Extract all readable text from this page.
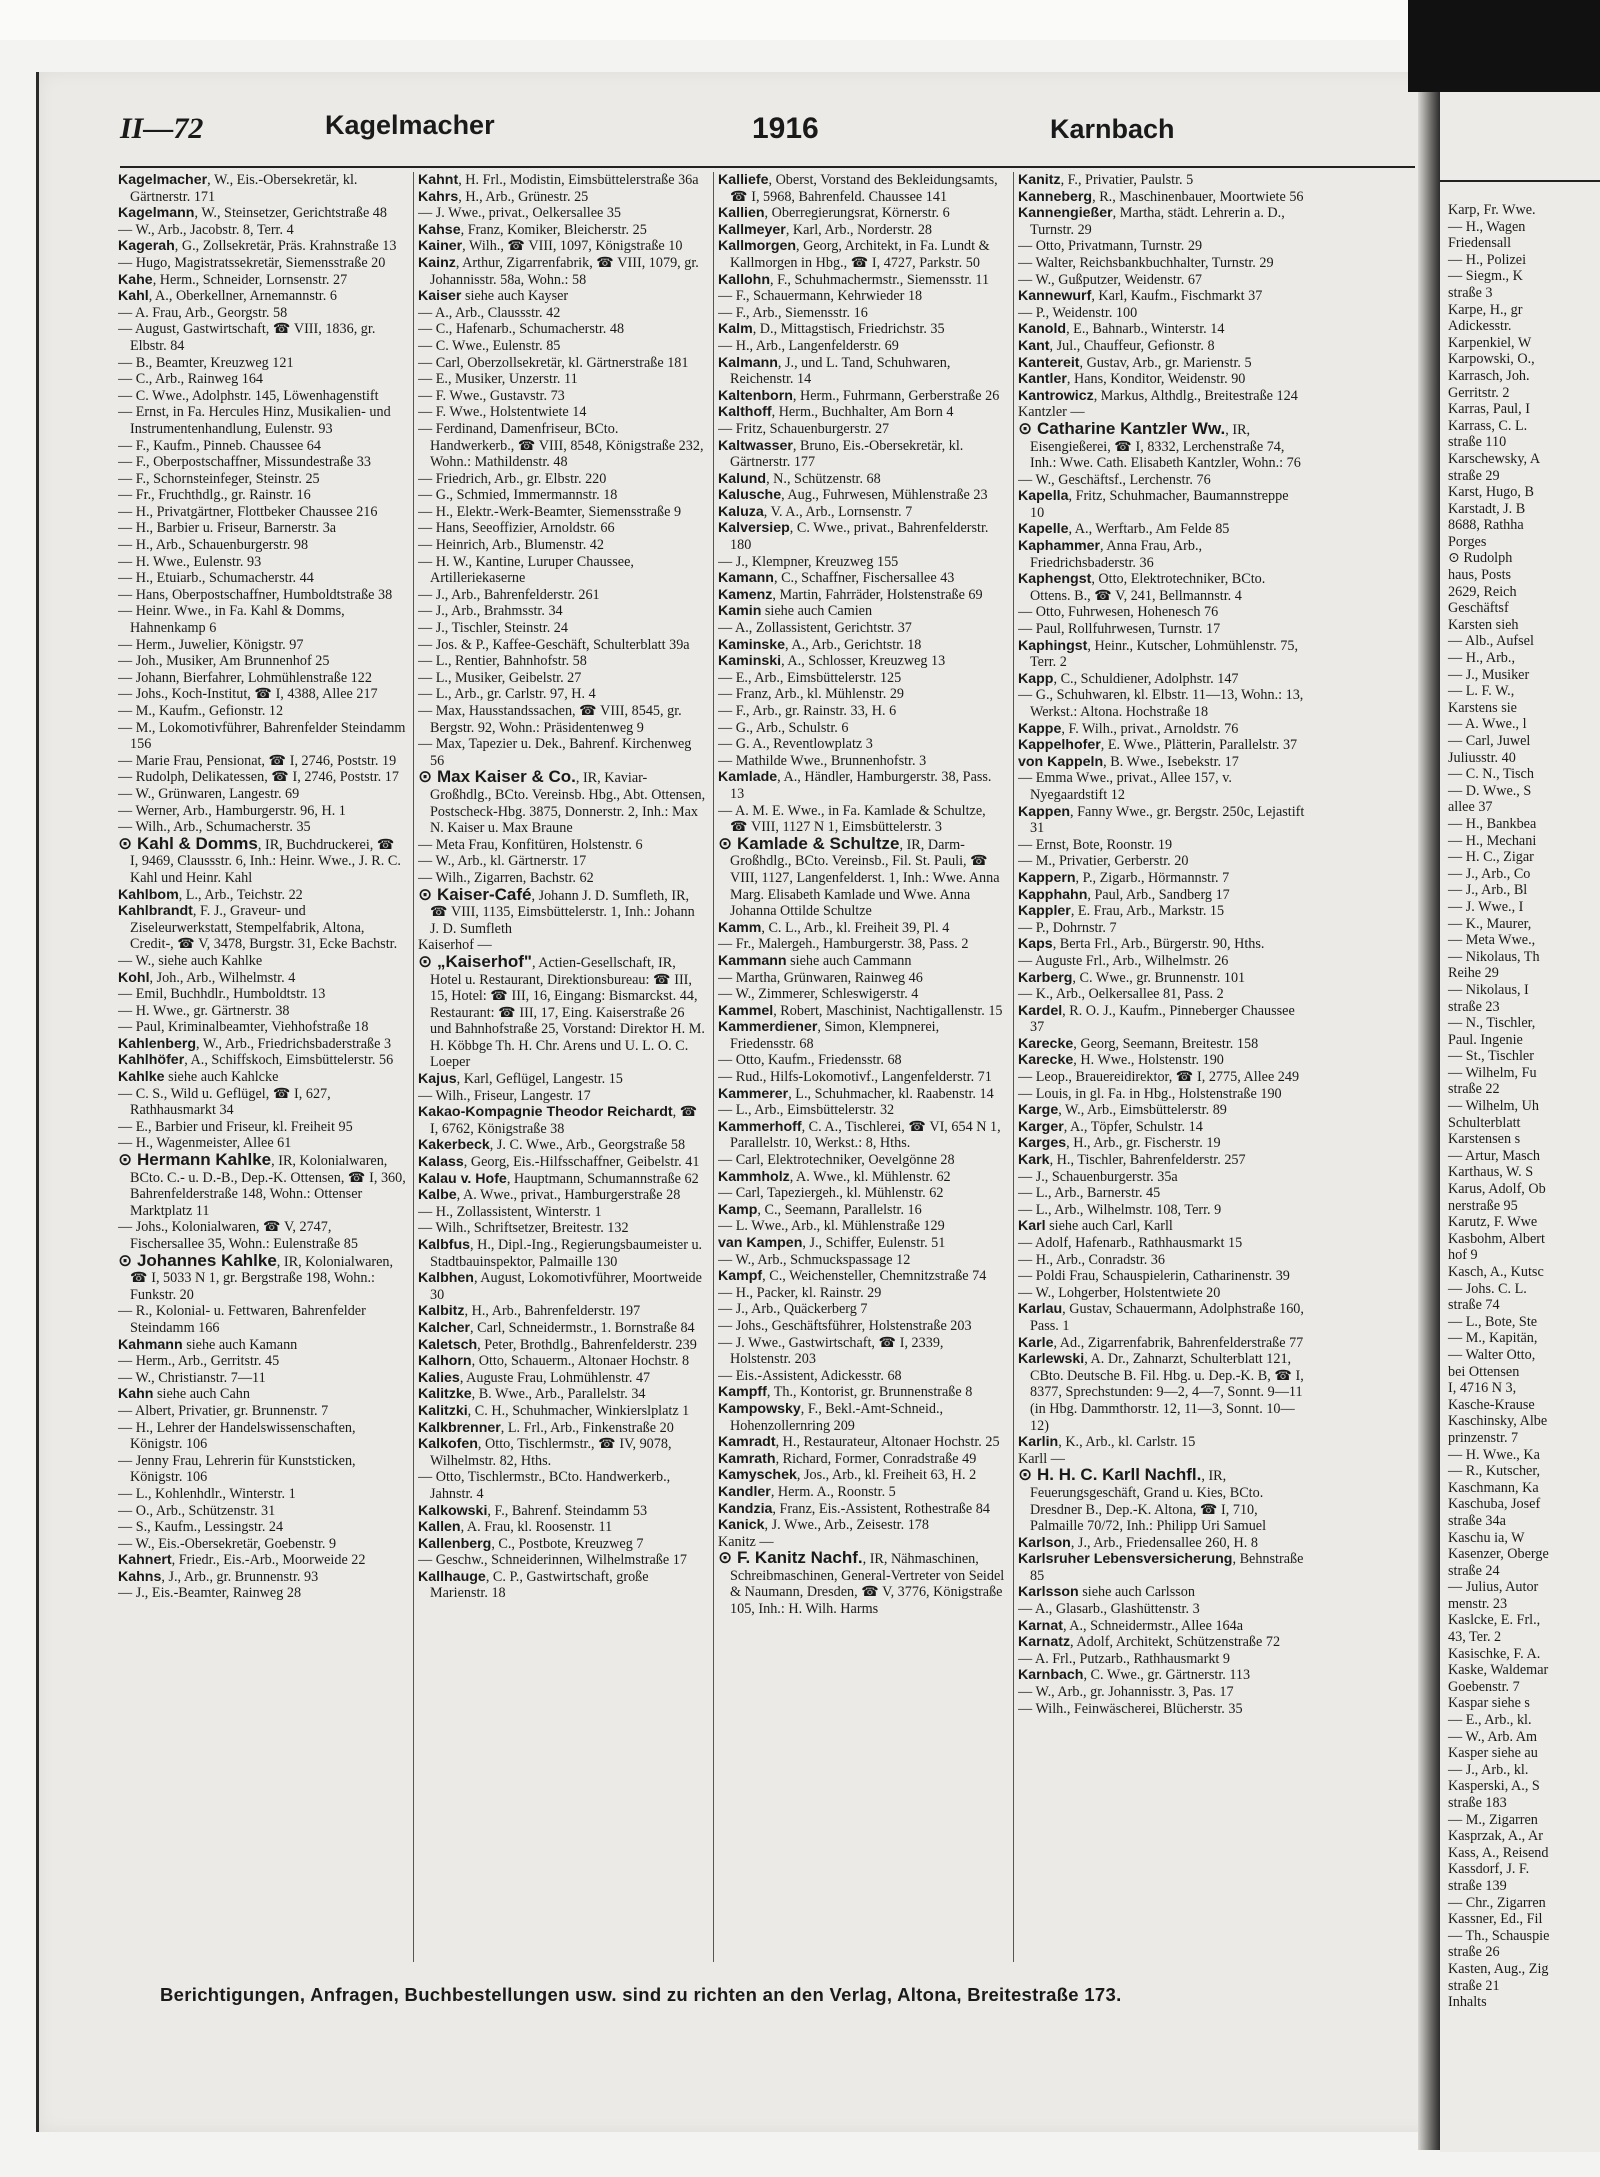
Karp, Fr. Wwe.
— H., Wagen
Friedensall
— H., Polizei
— Siegm., K
straße 3
Karpe, H., gr
Adickesstr.
Karpenkiel, W
Karpowski, O.,
Karrasch, Joh.
Gerritstr. 2
Karras, Paul, I
Karrass, C. L.
straße 110
Karschewsky, A
straße 29
Karst, Hugo, B
Karstadt, J. B
8688, Rathha
Porges
⊙ Rudolph
haus, Posts
2629, Reich
Geschäftsf
Karsten sieh
— Alb., Aufsel
— H., Arb.,
— J., Musiker
— L. F. W.,
Karstens sie
— A. Wwe., l
— Carl, Juwel
Juliusstr. 40
— C. N., Tisch
— D. Wwe., S
allee 37
— H., Bankbea
— H., Mechani
— H. C., Zigar
— J., Arb., Co
— J., Arb., Bl
— J. Wwe., I
— K., Maurer,
— Meta Wwe.,
— Nikolaus, Th
Reihe 29
— Nikolaus, I
straße 23
— N., Tischler,
Paul. Ingenie
— St., Tischler
— Wilhelm, Fu
straße 22
— Wilhelm, Uh
Schulterblatt
Karstensen s
— Artur, Masch
Karthaus, W. S
Karus, Adolf, Ob
nerstraße 95
Karutz, F. Wwe
Kasbohm, Albert
hof 9
Kasch, A., Kutsc
— Johs. C. L.
straße 74
— L., Bote, Ste
— M., Kapitän,
— Walter Otto,
bei Ottensen
I, 4716 N 3,
Kasche-Krause
Kaschinsky, Albe
prinzenstr. 7
— H. Wwe., Ka
— R., Kutscher,
Kaschmann, Ka
Kaschuba, Josef
straße 34a
Kaschu ia, W
Kasenzer, Oberge
straße 24
— Julius, Autor
menstr. 23
Kaslcke, E. Frl.,
43, Ter. 2
Kasischke, F. A.
Kaske, Waldemar
Goebenstr. 7
Kaspar siehe s
— E., Arb., kl.
— W., Arb. Am
Kasper siehe au
— J., Arb., kl.
Kasperski, A., S
straße 183
— M., Zigarren
Kasprzak, A., Ar
Kass, A., Reisend
Kassdorf, J. F.
straße 139
— Chr., Zigarren
Kassner, Ed., Fil
— Th., Schauspie
straße 26
Kasten, Aug., Zig
straße 21
Inhalts
II—72	Kagelmacher	1916	Karnbach

Kagelmacher, W., Eis.-Obersekretär, kl. Gärtnerstr. 171

Kagelmann, W., Steinsetzer, Gerichtstraße 48

— W., Arb., Jacobstr. 8, Terr. 4

Kagerah, G., Zollsekretär, Präs. Krahnstraße 13

— Hugo, Magistratssekretär, Siemensstraße 20

Kahe, Herm., Schneider, Lornsenstr. 27

Kahl, A., Oberkellner, Arnemannstr. 6

— A. Frau, Arb., Georgstr. 58

— August, Gastwirtschaft, ☎ VIII, 1836, gr. Elbstr. 84

— B., Beamter, Kreuzweg 121

— C., Arb., Rainweg 164

— C. Wwe., Adolphstr. 145, Löwenhagenstift

— Ernst, in Fa. Hercules Hinz, Musikalien- und Instrumentenhandlung, Eulenstr. 93

— F., Kaufm., Pinneb. Chaussee 64

— F., Oberpostschaffner, Missundestraße 33

— F., Schornsteinfeger, Steinstr. 25

— Fr., Fruchthdlg., gr. Rainstr. 16

— H., Privatgärtner, Flottbeker Chaussee 216

— H., Barbier u. Friseur, Barnerstr. 3a

— H., Arb., Schauenburgerstr. 98

— H. Wwe., Eulenstr. 93

— H., Etuiarb., Schumacherstr. 44

— Hans, Oberpostschaffner, Humboldtstraße 38

— Heinr. Wwe., in Fa. Kahl & Domms, Hahnenkamp 6

— Herm., Juwelier, Königstr. 97

— Joh., Musiker, Am Brunnenhof 25

— Johann, Bierfahrer, Lohmühlenstraße 122

— Johs., Koch-Institut, ☎ I, 4388, Allee 217

— M., Kaufm., Gefionstr. 12

— M., Lokomotivführer, Bahrenfelder Steindamm 156

— Marie Frau, Pensionat, ☎ I, 2746, Poststr. 19

— Rudolph, Delikatessen, ☎ I, 2746, Poststr. 17

— W., Grünwaren, Langestr. 69

— Werner, Arb., Hamburgerstr. 96, H. 1

— Wilh., Arb., Schumacherstr. 35

⊙ Kahl & Domms, IR, Buchdruckerei, ☎ I, 9469, Claussstr. 6, Inh.: Heinr. Wwe., J. R. C. Kahl und Heinr. Kahl

Kahlbom, L., Arb., Teichstr. 22

Kahlbrandt, F. J., Graveur- und Ziseleurwerkstatt, Stempelfabrik, Altona, Credit-, ☎ V, 3478, Burgstr. 31, Ecke Bachstr.

— W., siehe auch Kahlke

Kohl, Joh., Arb., Wilhelmstr. 4

— Emil, Buchhdlr., Humboldtstr. 13

— H. Wwe., gr. Gärtnerstr. 38

— Paul, Kriminalbeamter, Viehhofstraße 18

Kahlenberg, W., Arb., Friedrichsbaderstraße 3

Kahlhöfer, A., Schiffskoch, Eimsbüttelerstr. 56

Kahlke siehe auch Kahlcke

— C. S., Wild u. Geflügel, ☎ I, 627, Rathhausmarkt 34

— E., Barbier und Friseur, kl. Freiheit 95

— H., Wagenmeister, Allee 61

⊙ Hermann Kahlke, IR, Kolonialwaren, BCto. C.- u. D.-B., Dep.-K. Ottensen, ☎ I, 360, Bahrenfelderstraße 148, Wohn.: Ottenser Marktplatz 11

— Johs., Kolonialwaren, ☎ V, 2747, Fischersallee 35, Wohn.: Eulenstraße 85

⊙ Johannes Kahlke, IR, Kolonialwaren, ☎ I, 5033 N 1, gr. Bergstraße 198, Wohn.: Funkstr. 20

— R., Kolonial- u. Fettwaren, Bahrenfelder Steindamm 166

Kahmann siehe auch Kamann

— Herm., Arb., Gerritstr. 45

— W., Christianstr. 7—11

Kahn siehe auch Cahn

— Albert, Privatier, gr. Brunnenstr. 7

— H., Lehrer der Handelswissenschaften, Königstr. 106

— Jenny Frau, Lehrerin für Kunststicken, Königstr. 106

— L., Kohlenhdlr., Winterstr. 1

— O., Arb., Schützenstr. 31

— S., Kaufm., Lessingstr. 24

— W., Eis.-Obersekretär, Goebenstr. 9

Kahnert, Friedr., Eis.-Arb., Moorweide 22

Kahns, J., Arb., gr. Brunnenstr. 93

— J., Eis.-Beamter, Rainweg 28

Kahnt, H. Frl., Modistin, Eimsbüttelerstraße 36a

Kahrs, H., Arb., Grünestr. 25

— J. Wwe., privat., Oelkersallee 35

Kahse, Franz, Komiker, Bleicherstr. 25

Kainer, Wilh., ☎ VIII, 1097, Königstraße 10

Kainz, Arthur, Zigarrenfabrik, ☎ VIII, 1079, gr. Johannisstr. 58a, Wohn.: 58

Kaiser siehe auch Kayser

— A., Arb., Claussstr. 42

— C., Hafenarb., Schumacherstr. 48

— C. Wwe., Eulenstr. 85

— Carl, Oberzollsekretär, kl. Gärtnerstraße 181

— E., Musiker, Unzerstr. 11

— F. Wwe., Gustavstr. 73

— F. Wwe., Holstentwiete 14

— Ferdinand, Damenfriseur, BCto. Handwerkerb., ☎ VIII, 8548, Königstraße 232, Wohn.: Mathildenstr. 48

— Friedrich, Arb., gr. Elbstr. 220

— G., Schmied, Immermannstr. 18

— H., Elektr.-Werk-Beamter, Siemensstraße 9

— Hans, Seeoffizier, Arnoldstr. 66

— Heinrich, Arb., Blumenstr. 42

— H. W., Kantine, Luruper Chaussee, Artilleriekaserne

— J., Arb., Bahrenfelderstr. 261

— J., Arb., Brahmsstr. 34

— J., Tischler, Steinstr. 24

— Jos. & P., Kaffee-Geschäft, Schulterblatt 39a

— L., Rentier, Bahnhofstr. 58

— L., Musiker, Geibelstr. 27

— L., Arb., gr. Carlstr. 97, H. 4

— Max, Hausstandssachen, ☎ VIII, 8545, gr. Bergstr. 92, Wohn.: Präsidentenweg 9

— Max, Tapezier u. Dek., Bahrenf. Kirchenweg 56

⊙ Max Kaiser & Co., IR, Kaviar-Großhdlg., BCto. Vereinsb. Hbg., Abt. Ottensen, Postscheck-Hbg. 3875, Donnerstr. 2, Inh.: Max N. Kaiser u. Max Braune

— Meta Frau, Konfitüren, Holstenstr. 6

— W., Arb., kl. Gärtnerstr. 17

— Wilh., Zigarren, Bachstr. 62

⊙ Kaiser-Café, Johann J. D. Sumfleth, IR, ☎ VIII, 1135, Eimsbüttelerstr. 1, Inh.: Johann J. D. Sumfleth

Kaiserhof —

⊙ „Kaiserhof", Actien-Gesellschaft, IR, Hotel u. Restaurant, Direktionsbureau: ☎ III, 15, Hotel: ☎ III, 16, Eingang: Bismarckst. 44, Restaurant: ☎ III, 17, Eing. Kaiserstraße 26 und Bahnhofstraße 25, Vorstand: Direktor H. M. H. Köbbge Th. H. Chr. Arens und U. L. O. C. Loeper

Kajus, Karl, Geflügel, Langestr. 15

— Wilh., Friseur, Langestr. 17

Kakao-Kompagnie Theodor Reichardt, ☎ I, 6762, Königstraße 38

Kakerbeck, J. C. Wwe., Arb., Georgstraße 58

Kalass, Georg, Eis.-Hilfsschaffner, Geibelstr. 41

Kalau v. Hofe, Hauptmann, Schumannstraße 62

Kalbe, A. Wwe., privat., Hamburgerstraße 28

— H., Zollassistent, Winterstr. 1

— Wilh., Schriftsetzer, Breitestr. 132

Kalbfus, H., Dipl.-Ing., Regierungsbaumeister u. Stadtbauinspektor, Palmaille 130

Kalbhen, August, Lokomotivführer, Moortweide 30

Kalbitz, H., Arb., Bahrenfelderstr. 197

Kalcher, Carl, Schneidermstr., 1. Bornstraße 84

Kaletsch, Peter, Brothdlg., Bahrenfelderstr. 239

Kalhorn, Otto, Schauerm., Altonaer Hochstr. 8

Kalies, Auguste Frau, Lohmühlenstr. 47

Kalitzke, B. Wwe., Arb., Parallelstr. 34

Kalitzki, C. H., Schuhmacher, Winkierslplatz 1

Kalkbrenner, L. Frl., Arb., Finkenstraße 20

Kalkofen, Otto, Tischlermstr., ☎ IV, 9078, Wilhelmstr. 82, Hths.

— Otto, Tischlermstr., BCto. Handwerkerb., Jahnstr. 4

Kalkowski, F., Bahrenf. Steindamm 53

Kallen, A. Frau, kl. Roosenstr. 11

Kallenberg, C., Postbote, Kreuzweg 7

— Geschw., Schneiderinnen, Wilhelmstraße 17

Kallhauge, C. P., Gastwirtschaft, große Marienstr. 18

Kalliefe, Oberst, Vorstand des Bekleidungsamts, ☎ I, 5968, Bahrenfeld. Chaussee 141

Kallien, Oberregierungsrat, Körnerstr. 6

Kallmeyer, Karl, Arb., Norderstr. 28

Kallmorgen, Georg, Architekt, in Fa. Lundt & Kallmorgen in Hbg., ☎ I, 4727, Parkstr. 50

Kallohn, F., Schuhmachermstr., Siemensstr. 11

— F., Schauermann, Kehrwieder 18

— F., Arb., Siemensstr. 16

Kalm, D., Mittagstisch, Friedrichstr. 35

— H., Arb., Langenfelderstr. 69

Kalmann, J., und L. Tand, Schuhwaren, Reichenstr. 14

Kaltenborn, Herm., Fuhrmann, Gerberstraße 26

Kalthoff, Herm., Buchhalter, Am Born 4

— Fritz, Schauenburgerstr. 27

Kaltwasser, Bruno, Eis.-Obersekretär, kl. Gärtnerstr. 177

Kalund, N., Schützenstr. 68

Kalusche, Aug., Fuhrwesen, Mühlenstraße 23

Kaluza, V. A., Arb., Lornsenstr. 7

Kalversiep, C. Wwe., privat., Bahrenfelderstr. 180

— J., Klempner, Kreuzweg 155

Kamann, C., Schaffner, Fischersallee 43

Kamenz, Martin, Fahrräder, Holstenstraße 69

Kamin siehe auch Camien

— A., Zollassistent, Gerichtstr. 37

Kaminske, A., Arb., Gerichtstr. 18

Kaminski, A., Schlosser, Kreuzweg 13

— E., Arb., Eimsbüttelerstr. 125

— Franz, Arb., kl. Mühlenstr. 29

— F., Arb., gr. Rainstr. 33, H. 6

— G., Arb., Schulstr. 6

— G. A., Reventlowplatz 3

— Mathilde Wwe., Brunnenhofstr. 3

Kamlade, A., Händler, Hamburgerstr. 38, Pass. 13

— A. M. E. Wwe., in Fa. Kamlade & Schultze, ☎ VIII, 1127 N 1, Eimsbüttelerstr. 3

⊙ Kamlade & Schultze, IR, Darm-Großhdlg., BCto. Vereinsb., Fil. St. Pauli, ☎ VIII, 1127, Langenfelderst. 1, Inh.: Wwe. Anna Marg. Elisabeth Kamlade und Wwe. Anna Johanna Ottilde Schultze

Kamm, C. L., Arb., kl. Freiheit 39, Pl. 4

— Fr., Malergeh., Hamburgerstr. 38, Pass. 2

Kammann siehe auch Cammann

— Martha, Grünwaren, Rainweg 46

— W., Zimmerer, Schleswigerstr. 4

Kammel, Robert, Maschinist, Nachtigallenstr. 15

Kammerdiener, Simon, Klempnerei, Friedensstr. 68

— Otto, Kaufm., Friedensstr. 68

— Rud., Hilfs-Lokomotivf., Langenfelderstr. 71

Kammerer, L., Schuhmacher, kl. Raabenstr. 14

— L., Arb., Eimsbüttelerstr. 32

Kammerhoff, C. A., Tischlerei, ☎ VI, 654 N 1, Parallelstr. 10, Werkst.: 8, Hths.

— Carl, Elektrotechniker, Oevelgönne 28

Kammholz, A. Wwe., kl. Mühlenstr. 62

— Carl, Tapeziergeh., kl. Mühlenstr. 62

Kamp, C., Seemann, Parallelstr. 16

— L. Wwe., Arb., kl. Mühlenstraße 129

van Kampen, J., Schiffer, Eulenstr. 51

— W., Arb., Schmuckspassage 12

Kampf, C., Weichensteller, Chemnitzstraße 74

— H., Packer, kl. Rainstr. 29

— J., Arb., Quäckerberg 7

— Johs., Geschäftsführer, Holstenstraße 203

— J. Wwe., Gastwirtschaft, ☎ I, 2339, Holstenstr. 203

— Eis.-Assistent, Adickesstr. 68

Kampff, Th., Kontorist, gr. Brunnenstraße 8

Kampowsky, F., Bekl.-Amt-Schneid., Hohenzollernring 209

Kamradt, H., Restaurateur, Altonaer Hochstr. 25

Kamrath, Richard, Former, Conradstraße 49

Kamyschek, Jos., Arb., kl. Freiheit 63, H. 2

Kandler, Herm. A., Roonstr. 5

Kandzia, Franz, Eis.-Assistent, Rothestraße 84

Kanick, J. Wwe., Arb., Zeisestr. 178

Kanitz —

⊙ F. Kanitz Nachf., IR, Nähmaschinen, Schreibmaschinen, General-Vertreter von Seidel & Naumann, Dresden, ☎ V, 3776, Königstraße 105, Inh.: H. Wilh. Harms

Kanitz, F., Privatier, Paulstr. 5

Kanneberg, R., Maschinenbauer, Moortwiete 56

Kannengießer, Martha, städt. Lehrerin a. D., Turnstr. 29

— Otto, Privatmann, Turnstr. 29

— Walter, Reichsbankbuchhalter, Turnstr. 29

— W., Gußputzer, Weidenstr. 67

Kannewurf, Karl, Kaufm., Fischmarkt 37

— P., Weidenstr. 100

Kanold, E., Bahnarb., Winterstr. 14

Kant, Jul., Chauffeur, Gefionstr. 8

Kantereit, Gustav, Arb., gr. Marienstr. 5

Kantler, Hans, Konditor, Weidenstr. 90

Kantrowicz, Markus, Althdlg., Breitestraße 124

Kantzler —

⊙ Catharine Kantzler Ww., IR, Eisengießerei, ☎ I, 8332, Lerchenstraße 74, Inh.: Wwe. Cath. Elisabeth Kantzler, Wohn.: 76

— W., Geschäftsf., Lerchenstr. 76

Kapella, Fritz, Schuhmacher, Baumannstreppe 10

Kapelle, A., Werftarb., Am Felde 85

Kaphammer, Anna Frau, Arb., Friedrichsbaderstr. 36

Kaphengst, Otto, Elektrotechniker, BCto. Ottens. B., ☎ V, 241, Bellmannstr. 4

— Otto, Fuhrwesen, Hohenesch 76

— Paul, Rollfuhrwesen, Turnstr. 17

Kaphingst, Heinr., Kutscher, Lohmühlenstr. 75, Terr. 2

Kapp, C., Schuldiener, Adolphstr. 147

— G., Schuhwaren, kl. Elbstr. 11—13, Wohn.: 13, Werkst.: Altona. Hochstraße 18

Kappe, F. Wilh., privat., Arnoldstr. 76

Kappelhofer, E. Wwe., Plätterin, Parallelstr. 37

von Kappeln, B. Wwe., Isebekstr. 17

— Emma Wwe., privat., Allee 157, v. Nyegaardstift 12

Kappen, Fanny Wwe., gr. Bergstr. 250c, Lejastift 31

— Ernst, Bote, Roonstr. 19

— M., Privatier, Gerberstr. 20

Kappern, P., Zigarb., Hörmannstr. 7

Kapphahn, Paul, Arb., Sandberg 17

Kappler, E. Frau, Arb., Markstr. 15

— P., Dohrnstr. 7

Kaps, Berta Frl., Arb., Bürgerstr. 90, Hths.

— Auguste Frl., Arb., Wilhelmstr. 26

Karberg, C. Wwe., gr. Brunnenstr. 101

— K., Arb., Oelkersallee 81, Pass. 2

Kardel, R. O. J., Kaufm., Pinneberger Chaussee 37

Karecke, Georg, Seemann, Breitestr. 158

Karecke, H. Wwe., Holstenstr. 190

— Leop., Brauereidirektor, ☎ I, 2775, Allee 249

— Louis, in gl. Fa. in Hbg., Holstenstraße 190

Karge, W., Arb., Eimsbüttelerstr. 89

Karger, A., Töpfer, Schulstr. 14

Karges, H., Arb., gr. Fischerstr. 19

Kark, H., Tischler, Bahrenfelderstr. 257

— J., Schauenburgerstr. 35a

— L., Arb., Barnerstr. 45

— L., Arb., Wilhelmstr. 108, Terr. 9

Karl siehe auch Carl, Karll

— Adolf, Hafenarb., Rathhausmarkt 15

— H., Arb., Conradstr. 36

— Poldi Frau, Schauspielerin, Catharinenstr. 39

— W., Lohgerber, Holstentwiete 20

Karlau, Gustav, Schauermann, Adolphstraße 160, Pass. 1

Karle, Ad., Zigarrenfabrik, Bahrenfelderstraße 77

Karlewski, A. Dr., Zahnarzt, Schulterblatt 121, CBto. Deutsche B. Fil. Hbg. u. Dep.-K. B, ☎ I, 8377, Sprechstunden: 9—2, 4—7, Sonnt. 9—11 (in Hbg. Dammthorstr. 12, 11—3, Sonnt. 10—12)

Karlin, K., Arb., kl. Carlstr. 15

Karll —

⊙ H. H. C. Karll Nachfl., IR, Feuerungsgeschäft, Grand u. Kies, BCto. Dresdner B., Dep.-K. Altona, ☎ I, 710, Palmaille 70/72, Inh.: Philipp Uri Samuel

Karlson, J., Arb., Friedensallee 260, H. 8

Karlsruher Lebensversicherung, Behnstraße 85

Karlsson siehe auch Carlsson

— A., Glasarb., Glashüttenstr. 3

Karnat, A., Schneidermstr., Allee 164a

Karnatz, Adolf, Architekt, Schützenstraße 72

— A. Frl., Putzarb., Rathhausmarkt 9

Karnbach, C. Wwe., gr. Gärtnerstr. 113

— W., Arb., gr. Johannisstr. 3, Pas. 17

— Wilh., Feinwäscherei, Blücherstr. 35

Berichtigungen, Anfragen, Buchbestellungen usw. sind zu richten an den Verlag, Altona, Breitestraße 173.
